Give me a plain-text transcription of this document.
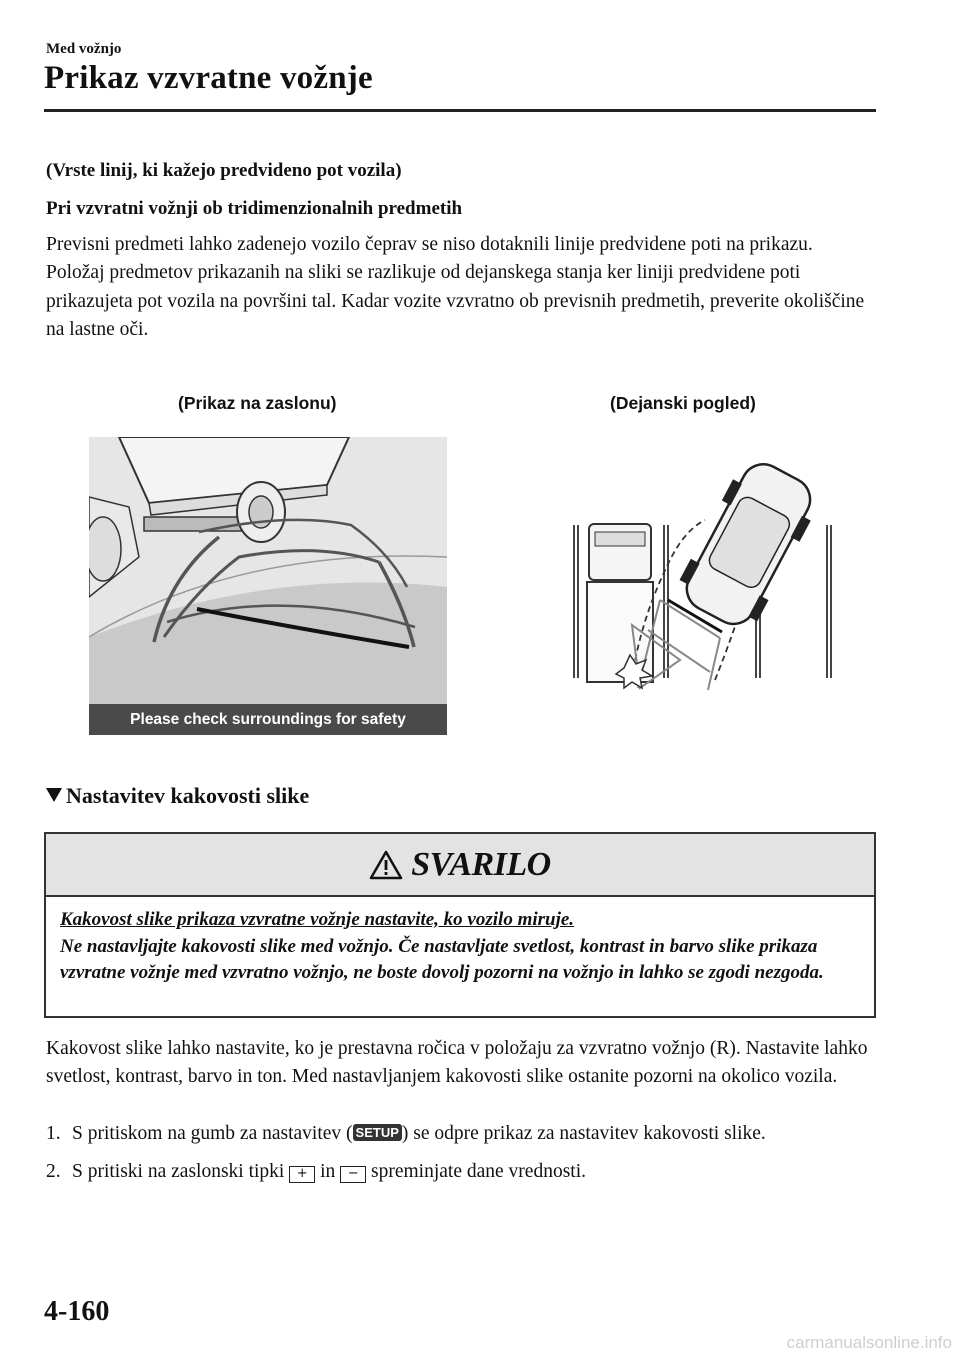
Med vožnjo
Prikaz vzvratne vožnje
(Vrste linij, ki kažejo predvideno pot vozila)
Pri vzvratni vožnji ob tridimenzionalnih predmetih
Previsni predmeti lahko zadenejo vozilo čeprav se niso dotaknili linije predvidene poti na prikazu. Položaj predmetov prikazanih na sliki se razlikuje od dejanskega stanja ker liniji predvidene poti prikazujeta pot vozila na površini tal. Kadar vozite vzvratno ob previsnih predmetih, preverite okoliščine na lastne oči.
(Prikaz na zaslonu)	(Dejanski pogled)
Please check surroundings for safety
Nastavitev kakovosti slike
SVARILO
Kakovost slike prikaza vzvratne vožnje nastavite, ko vozilo miruje.
Ne nastavljajte kakovosti slike med vožnjo. Če nastavljate svetlost, kontrast in barvo slike prikaza vzvratne vožnje med vzvratno vožnjo, ne boste dovolj pozorni na vožnjo in lahko se zgodi nezgoda.
Kakovost slike lahko nastavite, ko je prestavna ročica v položaju za vzvratno vožnjo (R). Nastavite lahko svetlost, kontrast, barvo in ton. Med nastavljanjem kakovosti slike ostanite pozorni na okolico vozila.
1. S pritiskom na gumb za nastavitev ( SETUP ) se odpre prikaz za nastavitev kakovosti slike.
2. S pritiski na zaslonski tipki + in − spreminjate dane vrednosti.
4-160
carmanualsonline.info
